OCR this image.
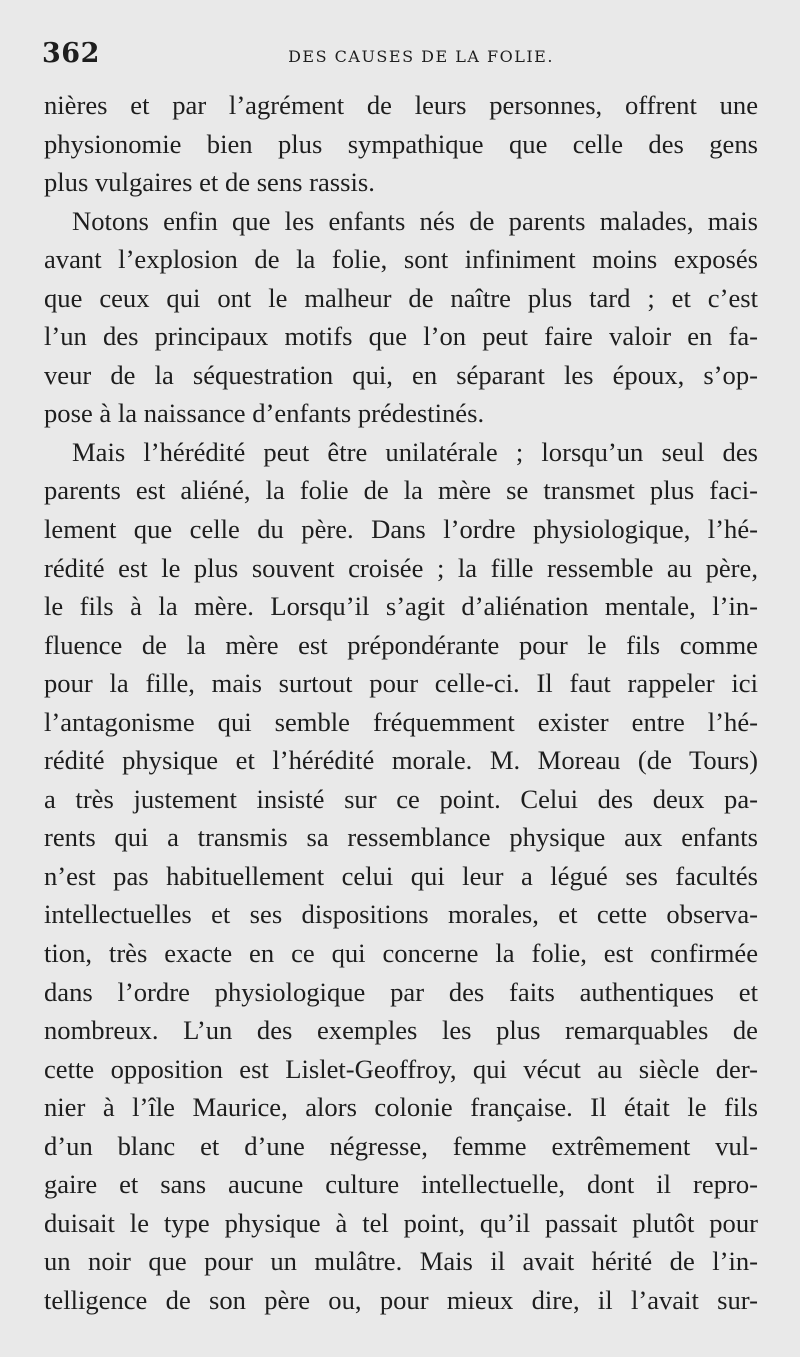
362	DES CAUSES DE LA FOLIE.
nières et par l’agrément de leurs personnes, offrent une
physionomie bien plus sympathique que celle des gens
plus vulgaires et de sens rassis.
Notons enfin que les enfants nés de parents malades, mais
avant l’explosion de la folie, sont infiniment moins exposés
que ceux qui ont le malheur de naître plus tard ; et c’est
l’un des principaux motifs que l’on peut faire valoir en fa-
veur de la séquestration qui, en séparant les époux, s’op-
pose à la naissance d’enfants prédestinés.
Mais l’hérédité peut être unilatérale ; lorsqu’un seul des
parents est aliéné, la folie de la mère se transmet plus faci-
lement que celle du père. Dans l’ordre physiologique, l’hé-
rédité est le plus souvent croisée ; la fille ressemble au père,
le fils à la mère. Lorsqu’il s’agit d’aliénation mentale, l’in-
fluence de la mère est prépondérante pour le fils comme
pour la fille, mais surtout pour celle-ci. Il faut rappeler ici
l’antagonisme qui semble fréquemment exister entre l’hé-
rédité physique et l’hérédité morale. M. Moreau (de Tours)
a très justement insisté sur ce point. Celui des deux pa-
rents qui a transmis sa ressemblance physique aux enfants
n’est pas habituellement celui qui leur a légué ses facultés
intellectuelles et ses dispositions morales, et cette observa-
tion, très exacte en ce qui concerne la folie, est confirmée
dans l’ordre physiologique par des faits authentiques et
nombreux. L’un des exemples les plus remarquables de
cette opposition est Lislet-Geoffroy, qui vécut au siècle der-
nier à l’île Maurice, alors colonie française. Il était le fils
d’un blanc et d’une négresse, femme extrêmement vul-
gaire et sans aucune culture intellectuelle, dont il repro-
duisait le type physique à tel point, qu’il passait plutôt pour
un noir que pour un mulâtre. Mais il avait hérité de l’in-
telligence de son père ou, pour mieux dire, il l’avait sur-
